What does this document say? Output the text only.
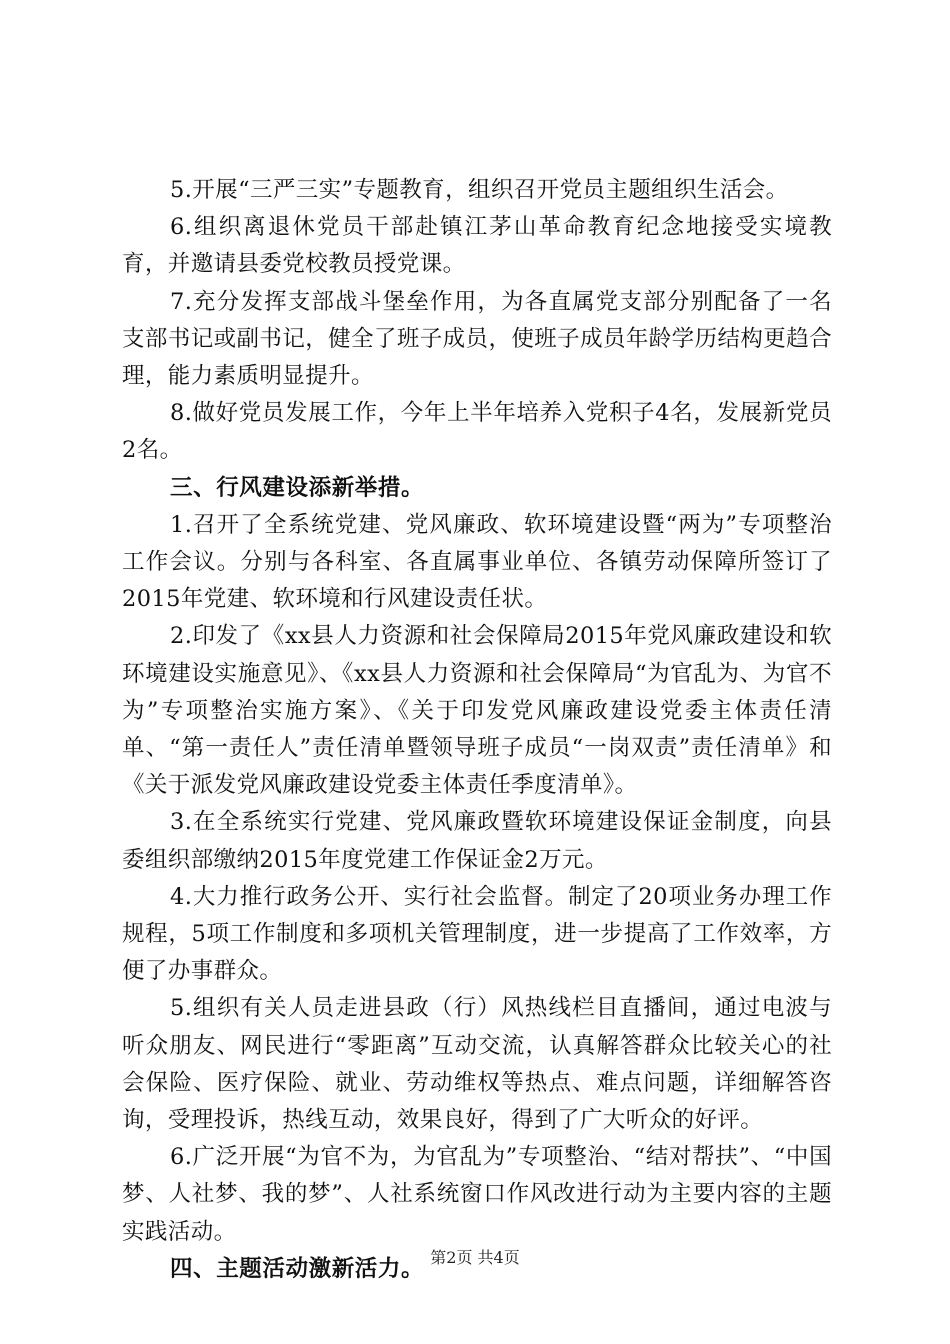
5.开展“三严三实”专题教育，组织召开党员主题组织生活会。

6.组织离退休党员干部赴镇江茅山革命教育纪念地接受实境教育，并邀请县委党校教员授党课。

7.充分发挥支部战斗堡垒作用，为各直属党支部分别配备了一名支部书记或副书记，健全了班子成员，使班子成员年龄学历结构更趋合理，能力素质明显提升。

8.做好党员发展工作，今年上半年培养入党积子4名，发展新党员2名。

三、行风建设添新举措。

1.召开了全系统党建、党风廉政、软环境建设暨“两为”专项整治工作会议。分别与各科室、各直属事业单位、各镇劳动保障所签订了2015年党建、软环境和行风建设责任状。

2.印发了《xx县人力资源和社会保障局2015年党风廉政建设和软环境建设实施意见》、《xx县人力资源和社会保障局“为官乱为、为官不为”专项整治实施方案》、《关于印发党风廉政建设党委主体责任清单、“第一责任人”责任清单暨领导班子成员“一岗双责”责任清单》和《关于派发党风廉政建设党委主体责任季度清单》。

3.在全系统实行党建、党风廉政暨软环境建设保证金制度，向县委组织部缴纳2015年度党建工作保证金2万元。

4.大力推行政务公开、实行社会监督。制定了20项业务办理工作规程，5项工作制度和多项机关管理制度，进一步提高了工作效率，方便了办事群众。

5.组织有关人员走进县政（行）风热线栏目直播间，通过电波与听众朋友、网民进行“零距离”互动交流，认真解答群众比较关心的社会保险、医疗保险、就业、劳动维权等热点、难点问题，详细解答咨询，受理投诉，热线互动，效果良好，得到了广大听众的好评。

6.广泛开展“为官不为，为官乱为”专项整治、“结对帮扶”、“中国梦、人社梦、我的梦”、人社系统窗口作风改进行动为主要内容的主题实践活动。

四、主题活动激新活力。 第2页 共4页
